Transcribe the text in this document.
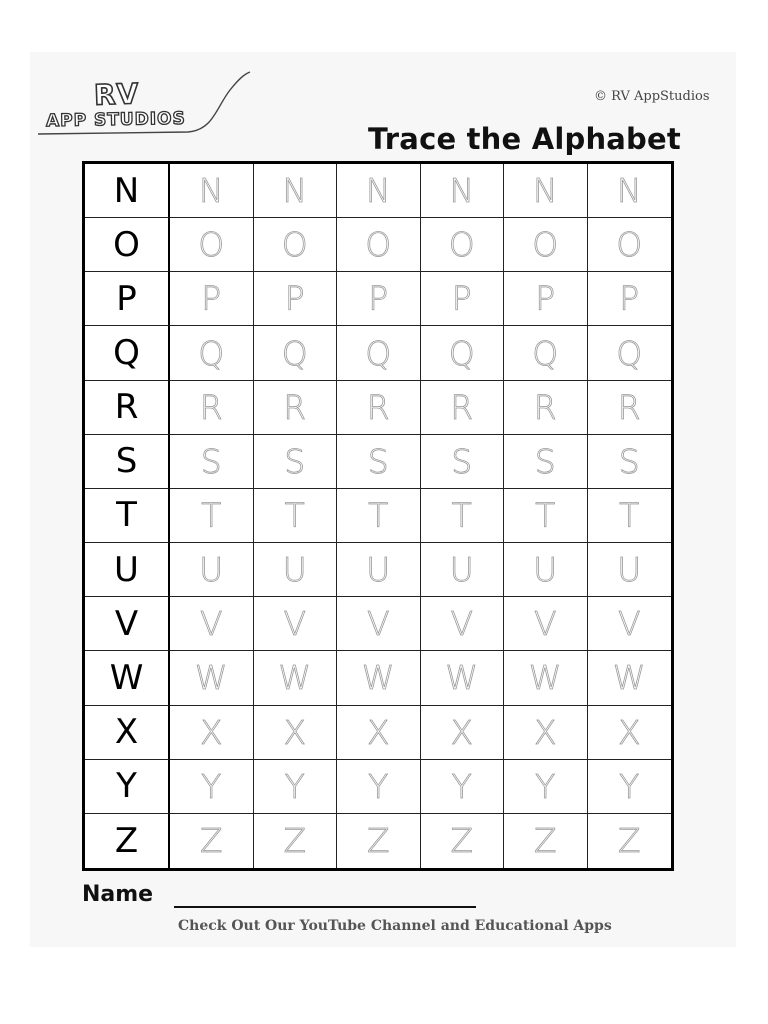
RV
APP STUDIOS
© RV AppStudios
Trace the Alphabet
N	N	N	N	N	N	N
O	O	O	O	O	O	O
P	P	P	P	P	P	P
Q	Q	Q	Q	Q	Q	Q
R	R	R	R	R	R	R
S	S	S	S	S	S	S
T	T	T	T	T	T	T
U	U	U	U	U	U	U
V	V	V	V	V	V	V
W	W	W	W	W	W	W
X	X	X	X	X	X	X
Y	Y	Y	Y	Y	Y	Y
Z	Z	Z	Z	Z	Z	Z
Name
Check Out Our YouTube Channel and Educational Apps
